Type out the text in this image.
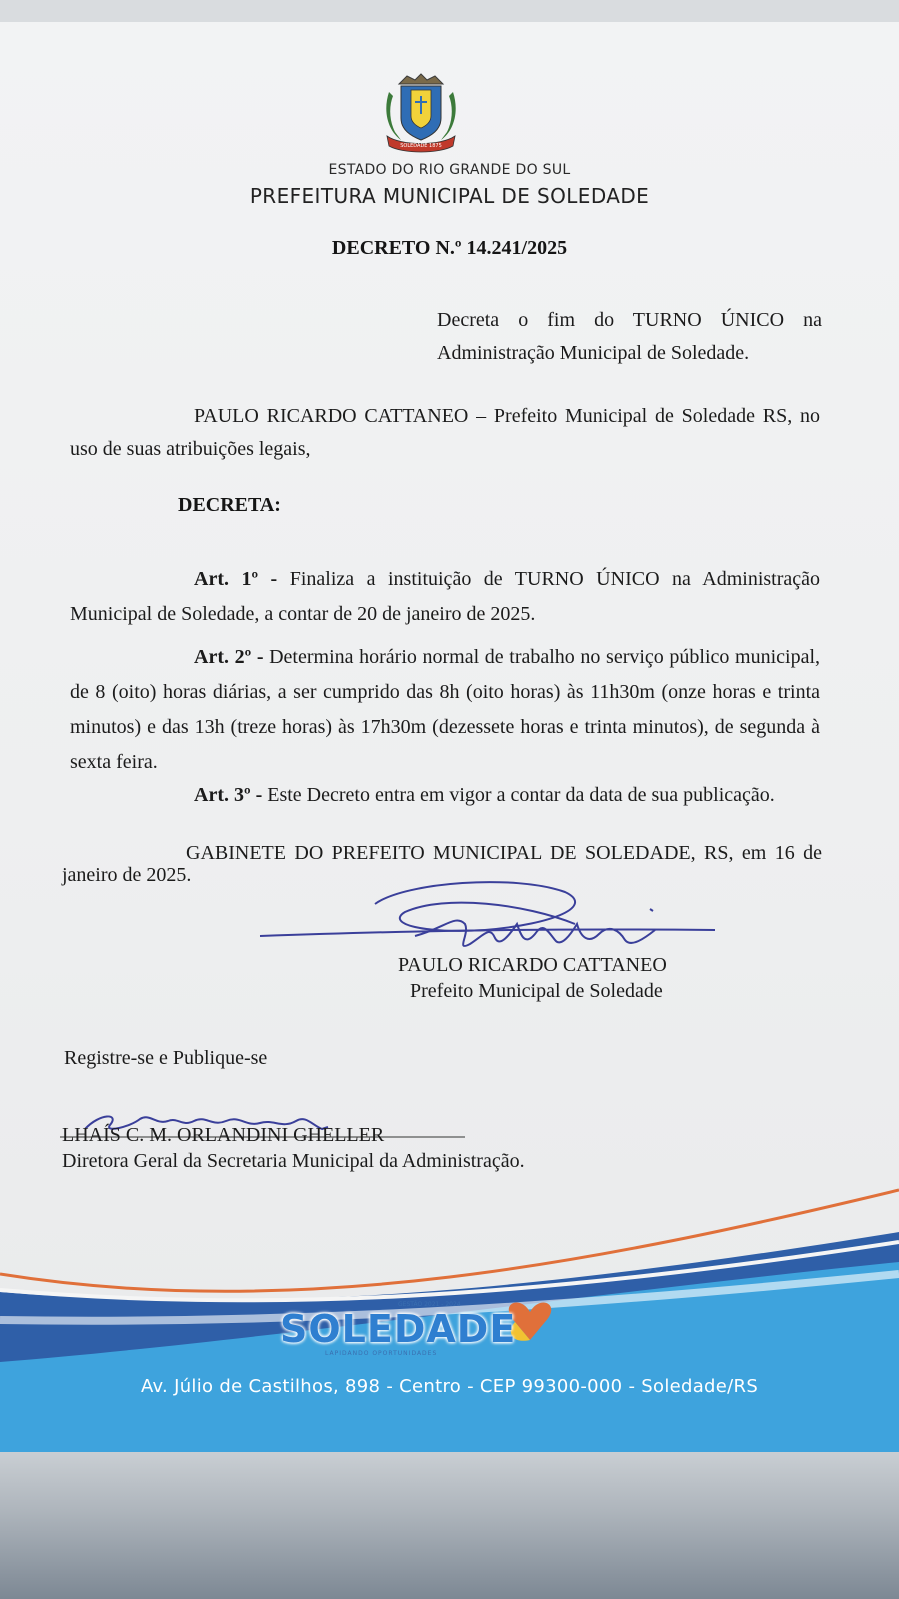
SOLEDADE 1875
ESTADO DO RIO GRANDE DO SUL
PREFEITURA MUNICIPAL DE SOLEDADE
DECRETO N.º 14.241/2025
Decreta o fim do TURNO ÚNICO na Administração Municipal de Soledade.
PAULO RICARDO CATTANEO – Prefeito Municipal de Soledade RS, no uso de suas atribuições legais,
DECRETA:
Art. 1º - Finaliza a instituição de TURNO ÚNICO na Administração Municipal de Soledade, a contar de 20 de janeiro de 2025.
Art. 2º - Determina horário normal de trabalho no serviço público municipal, de 8 (oito) horas diárias, a ser cumprido das 8h (oito horas) às 11h30m (onze horas e trinta minutos) e das 13h (treze horas) às 17h30m (dezessete horas e trinta minutos), de segunda à sexta feira.
Art. 3º - Este Decreto entra em vigor a contar da data de sua publicação.
GABINETE DO PREFEITO MUNICIPAL DE SOLEDADE, RS, em 16 de janeiro de 2025.
PAULO RICARDO CATTANEO
Prefeito Municipal de Soledade
Registre-se e Publique-se
LHAÍS C. M. ORLANDINI GHELLER
Diretora Geral da Secretaria Municipal da Administração.
GESTÃO 2021 - 2024
SOLEDADE
LAPIDANDO OPORTUNIDADES
Av. Júlio de Castilhos, 898 - Centro - CEP 99300-000 - Soledade/RS
